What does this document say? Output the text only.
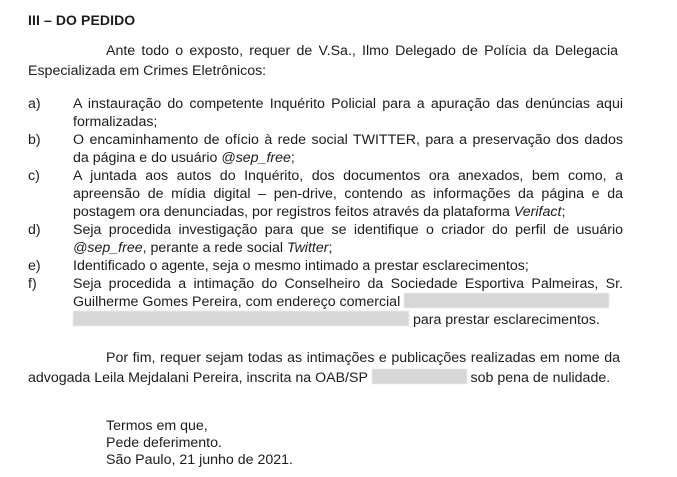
III – DO PEDIDO
Ante todo o exposto, requer de V.Sa., Ilmo Delegado de Polícia da Delegacia Especializada em Crimes Eletrônicos:
a) A instauração do competente Inquérito Policial para a apuração das denúncias aqui formalizadas;
b) O encaminhamento de ofício à rede social TWITTER, para a preservação dos dados da página e do usuário @sep_free;
c) A juntada aos autos do Inquérito, dos documentos ora anexados, bem como, a apreensão de mídia digital – pen-drive, contendo as informações da página e da postagem ora denunciadas, por registros feitos através da plataforma Verifact;
d) Seja procedida investigação para que se identifique o criador do perfil de usuário @sep_free, perante a rede social Twitter;
e) Identificado o agente, seja o mesmo intimado a prestar esclarecimentos;
f)	Seja procedida a intimação do Conselheiro da Sociedade Esportiva Palmeiras, Sr. Guilherme Gomes Pereira, com endereço comercial
para prestar esclarecimentos.
Por fim, requer sejam todas as intimações e publicações realizadas em nome da advogada Leila Mejdalani Pereira, inscrita na OAB/SP	sob pena de nulidade.
Termos em que,
Pede deferimento.
São Paulo, 21 junho de 2021.
